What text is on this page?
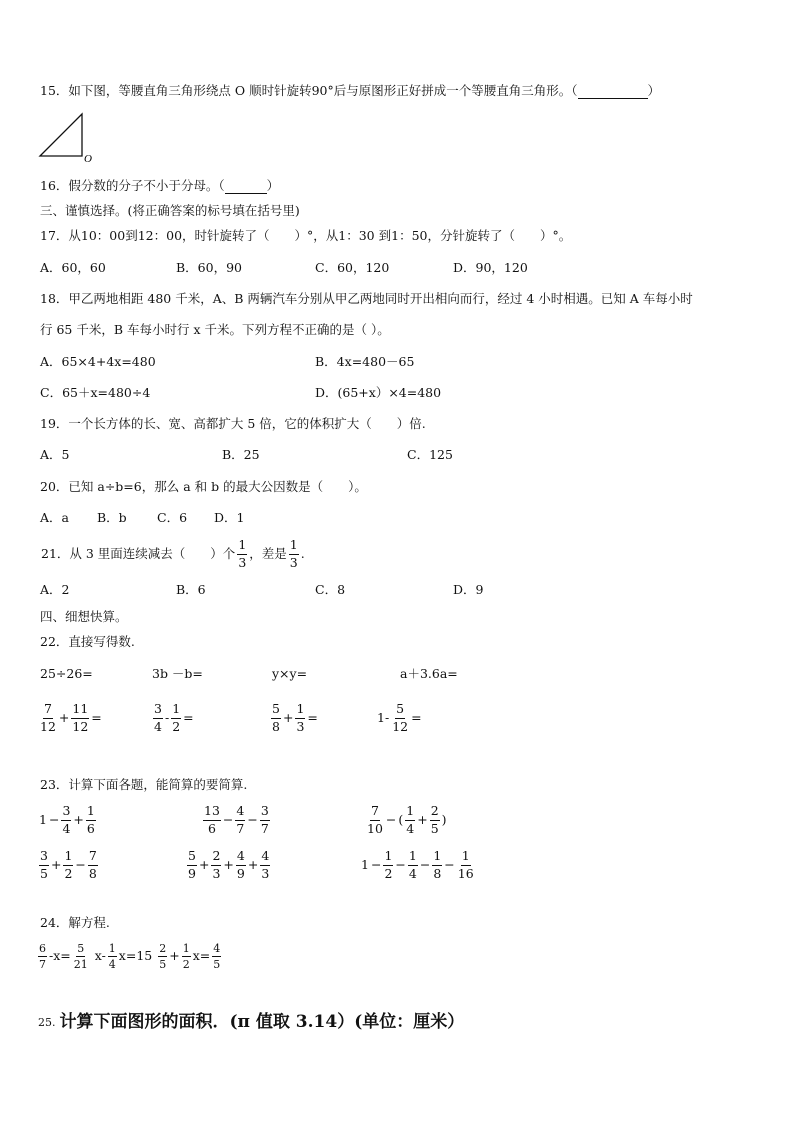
15．如下图，等腰直角三角形绕点 O 顺时针旋转90°后与原图形正好拼成一个等腰直角三角形。（	）
O
16．假分数的分子不小于分母。（	）
三、谨慎选择。(将正确答案的标号填在括号里)
17．从10：00到12：00，时针旋转了（　　）°，从1：30 到1：50，分针旋转了（　　）°。
A．60，60	B．60，90	C．60，120	D．90，120
18．甲乙两地相距 480 千米，A、B 两辆汽车分别从甲乙两地同时开出相向而行，经过 4 小时相遇。已知 A 车每小时
行 65 千米，B 车每小时行 x 千米。下列方程不正确的是（ ）。
A．65×4+4x=480	B．4x=480－65
C．65＋x=480÷4	D．(65+x）×4=480
19．一个长方体的长、宽、高都扩大 5 倍，它的体积扩大（　　）倍.
A．5	B．25	C．125
20．已知 a÷b=6，那么 a 和 b 的最大公因数是（　　）。
A．a B．b C．6 D．1
21．从 3 里面连续减去（　　）个 $\frac{1}{3}$ ，差是 $\frac{1}{3}$ .
A．2	B．6	C．8	D．9
四、细想快算。
22．直接写得数.
25÷26=	3b －b=	y×y=	a＋3.6a=
$\frac{7}{12} + \frac{11}{12}$ =	$\frac{3}{4} - \frac{1}{2}$ =	$\frac{5}{8} + \frac{1}{3}$ =	$1- \frac{5}{12}$ =
23．计算下面各题，能简算的要简算.
$1 - \frac{3}{4} + \frac{1}{6}$	$\frac{13}{6} - \frac{4}{7} - \frac{3}{7}$	$\frac{7}{10}$ − ( $\frac{1}{4} + \frac{2}{5}$ )
$\frac{3}{5} + \frac{1}{2} - \frac{7}{8}$	$\frac{5}{9} + \frac{2}{3} + \frac{4}{9} + \frac{4}{3}$	$1 - \frac{1}{2} - \frac{1}{4} - \frac{1}{8} - \frac{1}{16}$
24．解方程.
$\frac{6}{7} -x= \frac{5}{21} x- \frac{1}{4} x=15 \frac{2}{5} + \frac{1}{2} x= \frac{4}{5}$
25. 计算下面图形的面积．(π 值取 3.14）(单位：厘米）
